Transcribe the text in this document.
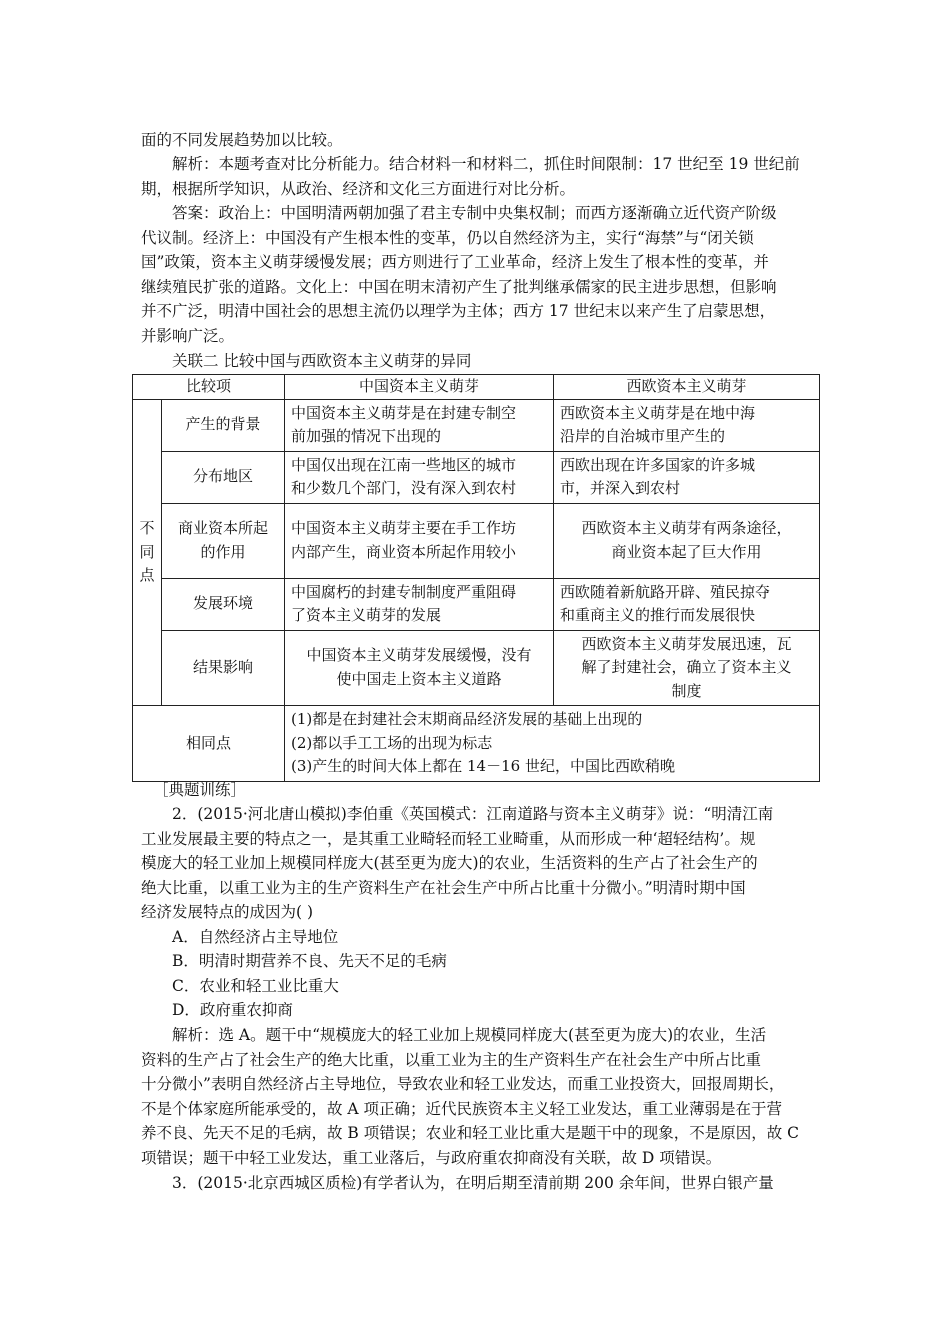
面的不同发展趋势加以比较。

解析：本题考查对比分析能力。结合材料一和材料二，抓住时间限制：17 世纪至 19 世纪前
期，根据所学知识，从政治、经济和文化三方面进行对比分析。

答案：政治上：中国明清两朝加强了君主专制中央集权制；而西方逐渐确立近代资产阶级
代议制。经济上：中国没有产生根本性的变革，仍以自然经济为主，实行“海禁”与“闭关锁
国”政策，资本主义萌芽缓慢发展；西方则进行了工业革命，经济上发生了根本性的变革，并
继续殖民扩张的道路。文化上：中国在明末清初产生了批判继承儒家的民主进步思想，但影响
并不广泛，明清中国社会的思想主流仍以理学为主体；西方 17 世纪末以来产生了启蒙思想，
并影响广泛。

关联二 比较中国与西欧资本主义萌芽的异同

比较项		中国资本主义萌芽	西欧资本主义萌芽

不
同
点	产生的背景	中国资本主义萌芽是在封建专制空
前加强的情况下出现的	西欧资本主义萌芽是在地中海
沿岸的自治城市里产生的

	分布地区	中国仅出现在江南一些地区的城市
和少数几个部门，没有深入到农村	西欧出现在许多国家的许多城
市，并深入到农村

	商业资本所起
的作用	中国资本主义萌芽主要在手工作坊
内部产生，商业资本所起作用较小	西欧资本主义萌芽有两条途径，
商业资本起了巨大作用

	发展环境	中国腐朽的封建专制制度严重阻碍
了资本主义萌芽的发展	西欧随着新航路开辟、殖民掠夺
和重商主义的推行而发展很快

	结果影响	中国资本主义萌芽发展缓慢，没有
使中国走上资本主义道路	西欧资本主义萌芽发展迅速，瓦
解了封建社会，确立了资本主义
制度

相同点		(1)都是在封建社会末期商品经济发展的基础上出现的
(2)都以手工工场的出现为标志
(3)产生的时间大体上都在 14－16 世纪，中国比西欧稍晚	

［典题训练］

2．(2015·河北唐山模拟)李伯重《英国模式：江南道路与资本主义萌芽》说：“明清江南
工业发展最主要的特点之一，是其重工业畸轻而轻工业畸重，从而形成一种‘超轻结构’。规
模庞大的轻工业加上规模同样庞大(甚至更为庞大)的农业，生活资料的生产占了社会生产的
绝大比重，以重工业为主的生产资料生产在社会生产中所占比重十分微小。”明清时期中国
经济发展特点的成因为( )
A．自然经济占主导地位
B．明清时期营养不良、先天不足的毛病
C．农业和轻工业比重大
D．政府重农抑商

解析：选 A。题干中“规模庞大的轻工业加上规模同样庞大(甚至更为庞大)的农业，生活
资料的生产占了社会生产的绝大比重，以重工业为主的生产资料生产在社会生产中所占比重
十分微小”表明自然经济占主导地位，导致农业和轻工业发达，而重工业投资大，回报周期长，
不是个体家庭所能承受的，故 A 项正确；近代民族资本主义轻工业发达，重工业薄弱是在于营
养不良、先天不足的毛病，故 B 项错误；农业和轻工业比重大是题干中的现象，不是原因，故 C
项错误；题干中轻工业发达，重工业落后，与政府重农抑商没有关联，故 D 项错误。

3．(2015·北京西城区质检)有学者认为，在明后期至清前期 200 余年间，世界白银产量
